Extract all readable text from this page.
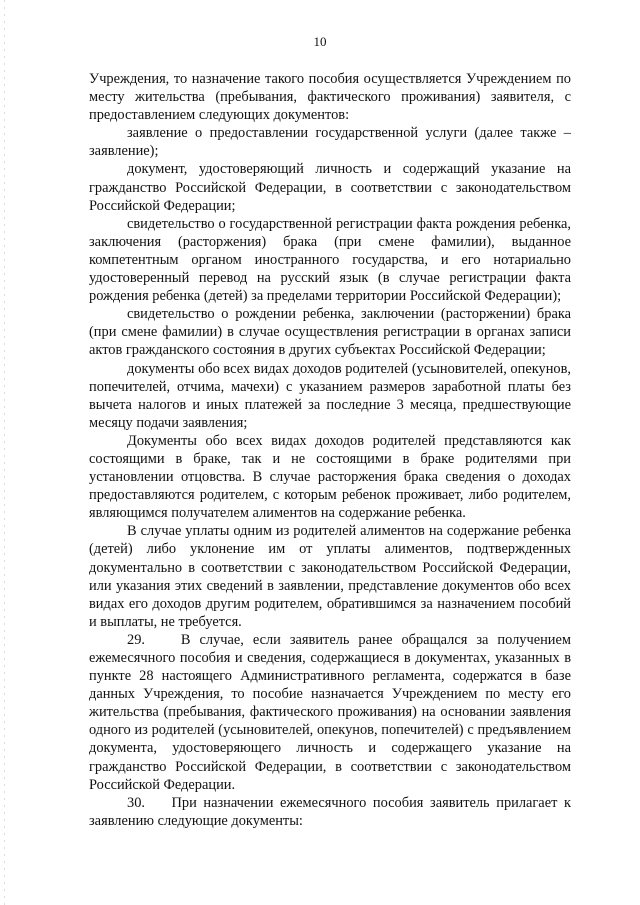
10

Учреждения, то назначение такого пособия осуществляется Учреждением по месту жительства (пребывания, фактического проживания) заявителя, с предоставлением следующих документов:

заявление о предоставлении государственной услуги (далее также – заявление);

документ, удостоверяющий личность и содержащий указание на гражданство Российской Федерации, в соответствии с законодательством Российской Федерации;

свидетельство о государственной регистрации факта рождения ребенка, заключения (расторжения) брака (при смене фамилии), выданное компетентным органом иностранного государства, и его нотариально удостоверенный перевод на русский язык (в случае регистрации факта рождения ребенка (детей) за пределами территории Российской Федерации);

свидетельство о рождении ребенка, заключении (расторжении) брака (при смене фамилии) в случае осуществления регистрации в органах записи актов гражданского состояния в других субъектах Российской Федерации;

документы обо всех видах доходов родителей (усыновителей, опекунов, попечителей, отчима, мачехи) с указанием размеров заработной платы без вычета налогов и иных платежей за последние 3 месяца, предшествующие месяцу подачи заявления;

Документы обо всех видах доходов родителей представляются как состоящими в браке, так и не состоящими в браке родителями при установлении отцовства. В случае расторжения брака сведения о доходах предоставляются родителем, с которым ребенок проживает, либо родителем, являющимся получателем алиментов на содержание ребенка.

В случае уплаты одним из родителей алиментов на содержание ребенка (детей) либо уклонение им от уплаты алиментов, подтвержденных документально в соответствии с законодательством Российской Федерации, или указания этих сведений в заявлении, представление документов обо всех видах его доходов другим родителем, обратившимся за назначением пособий и выплаты, не требуется.

29.    В случае, если заявитель ранее обращался за получением ежемесячного пособия и сведения, содержащиеся в документах, указанных в пункте 28 настоящего Административного регламента, содержатся в базе данных Учреждения, то пособие назначается Учреждением по месту его жительства (пребывания, фактического проживания) на основании заявления одного из родителей (усыновителей, опекунов, попечителей) с предъявлением документа, удостоверяющего личность и содержащего указание на гражданство Российской Федерации, в соответствии с законодательством Российской Федерации.

30.    При назначении ежемесячного пособия заявитель прилагает к заявлению следующие документы:
